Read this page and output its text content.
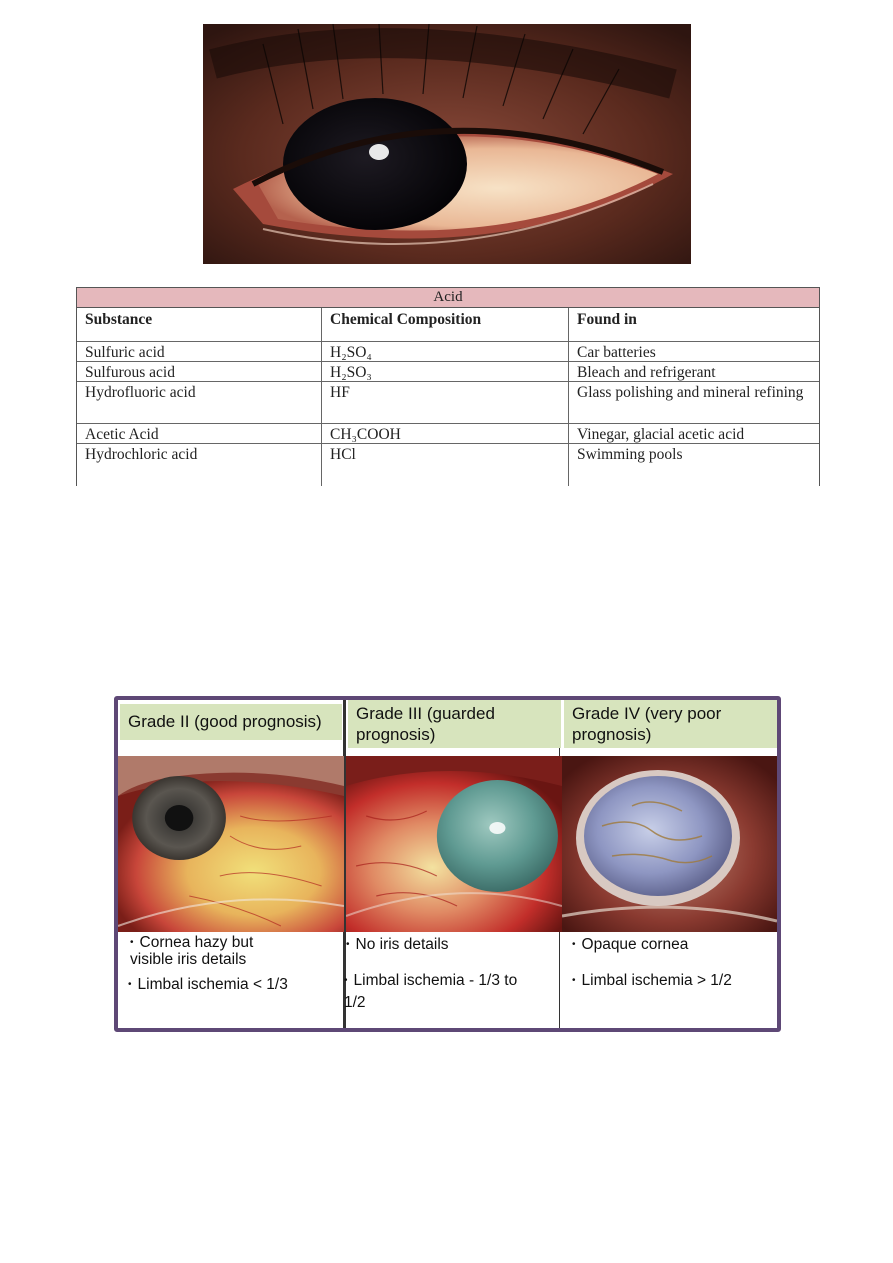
Acid
Substance	Chemical Composition	Found in
Sulfuric acid	H₂SO₄	Car batteries
Sulfurous acid	H₂SO₃	Bleach and refrigerant
Hydrofluoric acid	HF	Glass polishing and mineral refining
Acetic Acid	CH₃COOH	Vinegar, glacial acetic acid
Hydrochloric acid	HCl	Swimming pools
Grade II (good prognosis)
• Cornea hazy but visible iris details
• Limbal ischemia < 1/3
Grade III (guarded prognosis)
• No iris details
• Limbal ischemia - 1/3 to 1/2
Grade IV (very poor prognosis)
• Opaque cornea
• Limbal ischemia > 1/2
